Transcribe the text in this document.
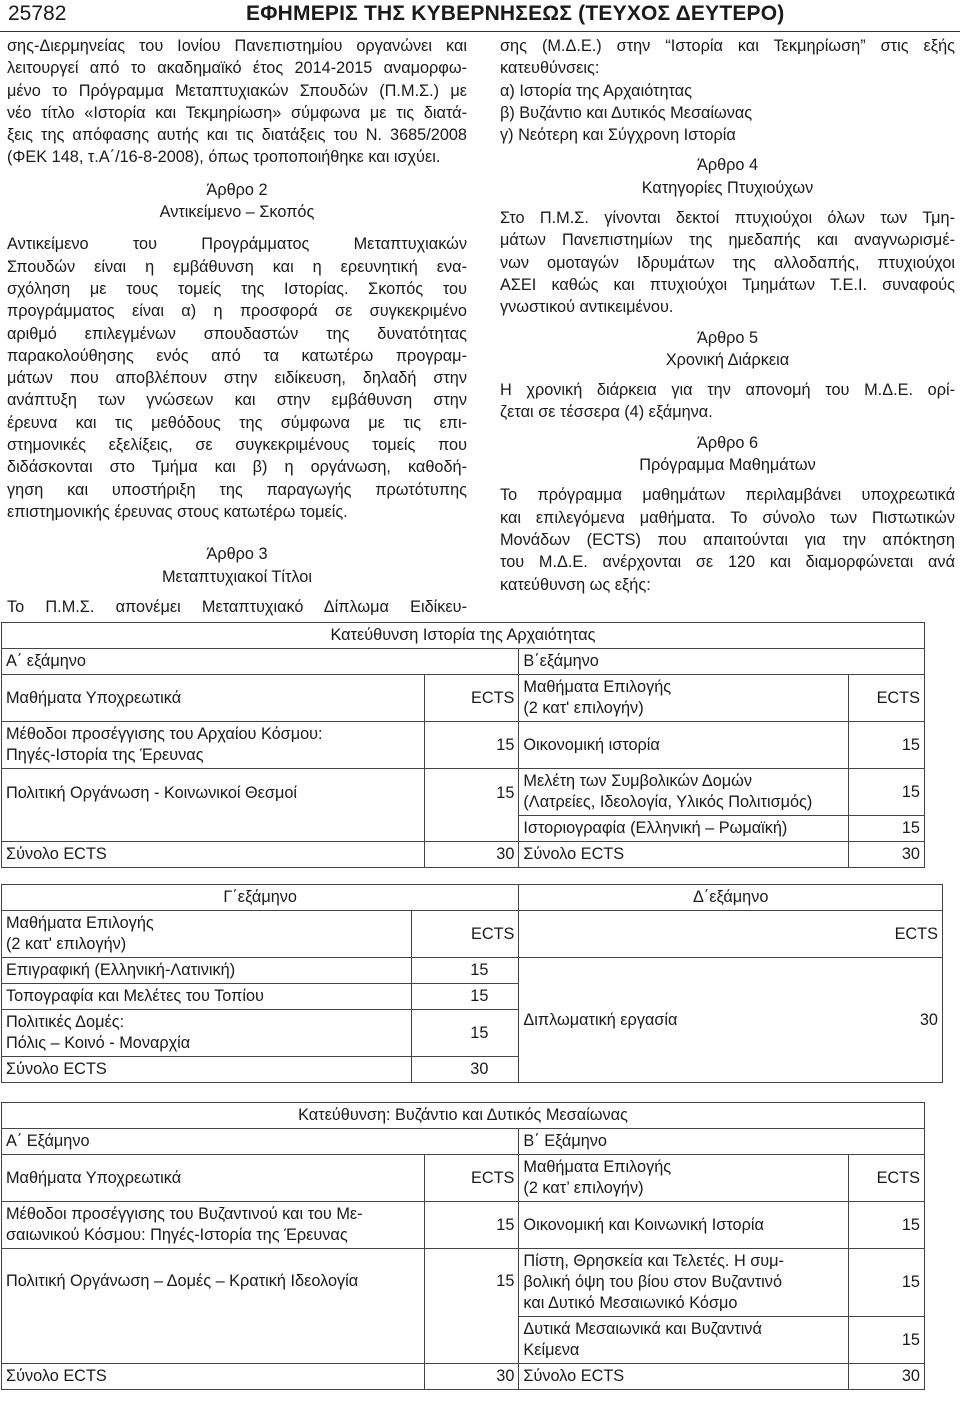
25782	ΕΦΗΜΕΡΙΣ ΤΗΣ ΚΥΒΕΡΝΗΣΕΩΣ (ΤΕΥΧΟΣ ΔΕΥΤΕΡΟ)
σης-Διερμηνείας του Ιονίου Πανεπιστημίου οργανώνει και
λειτουργεί από το ακαδημαϊκό έτος 2014-2015 αναμορφω-
μένο το Πρόγραμμα Μεταπτυχιακών Σπουδών (Π.Μ.Σ.) με
νέο τίτλο «Ιστορία και Τεκμηρίωση» σύμφωνα με τις διατά-
ξεις της απόφασης αυτής και τις διατάξεις του Ν. 3685/2008
(ΦΕΚ 148, τ.Α΄/16-8-2008), όπως τροποποιήθηκε και ισχύει.
Άρθρο 2
Αντικείμενο – Σκοπός
Αντικείμενο του Προγράμματος Μεταπτυχιακών
Σπουδών είναι η εμβάθυνση και η ερευνητική ενα-
σχόληση με τους τομείς της Ιστορίας. Σκοπός του
προγράμματος είναι α) η προσφορά σε συγκεκριμένο
αριθμό επιλεγμένων σπουδαστών της δυνατότητας
παρακολούθησης ενός από τα κατωτέρω προγραμ-
μάτων που αποβλέπουν στην ειδίκευση, δηλαδή στην
ανάπτυξη των γνώσεων και στην εμβάθυνση στην
έρευνα και τις μεθόδους της σύμφωνα με τις επι-
στημονικές εξελίξεις, σε συγκεκριμένους τομείς που
διδάσκονται στο Τμήμα και β) η οργάνωση, καθοδή-
γηση και υποστήριξη της παραγωγής πρωτότυπης
επιστημονικής έρευνας στους κατωτέρω τομείς.
Άρθρο 3
Μεταπτυχιακοί Τίτλοι
Το Π.Μ.Σ. απονέμει Μεταπτυχιακό Δίπλωμα Ειδίκευ-
σης (Μ.Δ.Ε.) στην “Ιστορία και Τεκμηρίωση” στις εξής
κατευθύνσεις:
α) Ιστορία της Αρχαιότητας
β) Βυζάντιο και Δυτικός Μεσαίωνας
γ) Νεότερη και Σύγχρονη Ιστορία
Άρθρο 4
Κατηγορίες Πτυχιούχων
Στο Π.Μ.Σ. γίνονται δεκτοί πτυχιούχοι όλων των Τμη-
μάτων Πανεπιστημίων της ημεδαπής και αναγνωρισμέ-
νων ομοταγών Ιδρυμάτων της αλλοδαπής, πτυχιούχοι
ΑΣΕΙ καθώς και πτυχιούχοι Τμημάτων Τ.Ε.Ι. συναφούς
γνωστικού αντικειμένου.
Άρθρο 5
Χρονική Διάρκεια
Η χρονική διάρκεια για την απονομή του Μ.Δ.Ε. ορί-
ζεται σε τέσσερα (4) εξάμηνα.
Άρθρο 6
Πρόγραμμα Μαθημάτων
Το πρόγραμμα μαθημάτων περιλαμβάνει υποχρεωτικά
και επιλεγόμενα μαθήματα. Το σύνολο των Πιστωτικών
Μονάδων (ECTS) που απαιτούνται για την απόκτηση
του Μ.Δ.Ε. ανέρχονται σε 120 και διαμορφώνεται ανά
κατεύθυνση ως εξής:
Κατεύθυνση Ιστορία της Αρχαιότητας			
Α΄ εξάμηνο		Β΄εξάμηνο	
Μαθήματα Υποχρεωτικά	ECTS	Μαθήματα Επιλογής
(2 κατ' επιλογήν)	ECTS
Μέθοδοι προσέγγισης του Αρχαίου Κόσμου:
Πηγές-Ιστορία της Έρευνας	15	Οικονομική ιστορία	15
Πολιτική Οργάνωση - Κοινωνικοί Θεσμοί	15	Μελέτη των Συμβολικών Δομών
(Λατρείες, Ιδεολογία, Υλικός Πολιτισμός)	15
		Ιστοριογραφία (Ελληνική – Ρωμαϊκή)	15
Σύνολο ECTS	30	Σύνολο ECTS	30
Γ΄εξάμηνο		Δ΄εξάμηνο	
Μαθήματα Επιλογής
(2 κατ' επιλογήν)	ECTS		ECTS
Επιγραφική (Ελληνική-Λατινική)	15	Διπλωματική εργασία	30
Τοπογραφία και Μελέτες του Τοπίου	15		
Πολιτικές Δομές:
Πόλις – Κοινό - Μοναρχία	15		
Σύνολο ECTS	30		
Κατεύθυνση: Βυζάντιο και Δυτικός Μεσαίωνας			
Α΄ Εξάμηνο		Β΄ Εξάμηνο	
Μαθήματα Υποχρεωτικά	ECTS	Μαθήματα Επιλογής
(2 κατ’ επιλογήν)	ECTS
Μέθοδοι προσέγγισης του Βυζαντινού και του Με-
σαιωνικού Κόσμου: Πηγές-Ιστορία της Έρευνας	15	Οικονομική και Κοινωνική Ιστορία	15
Πολιτική Οργάνωση – Δομές – Κρατική Ιδεολογία	15	Πίστη, Θρησκεία και Τελετές. Η συμ-
βολική όψη του βίου στον Βυζαντινό
και Δυτικό Μεσαιωνικό Κόσμο	15
		Δυτικά Μεσαιωνικά και Βυζαντινά
Κείμενα	15
Σύνολο ECTS	30	Σύνολο ECTS	30
